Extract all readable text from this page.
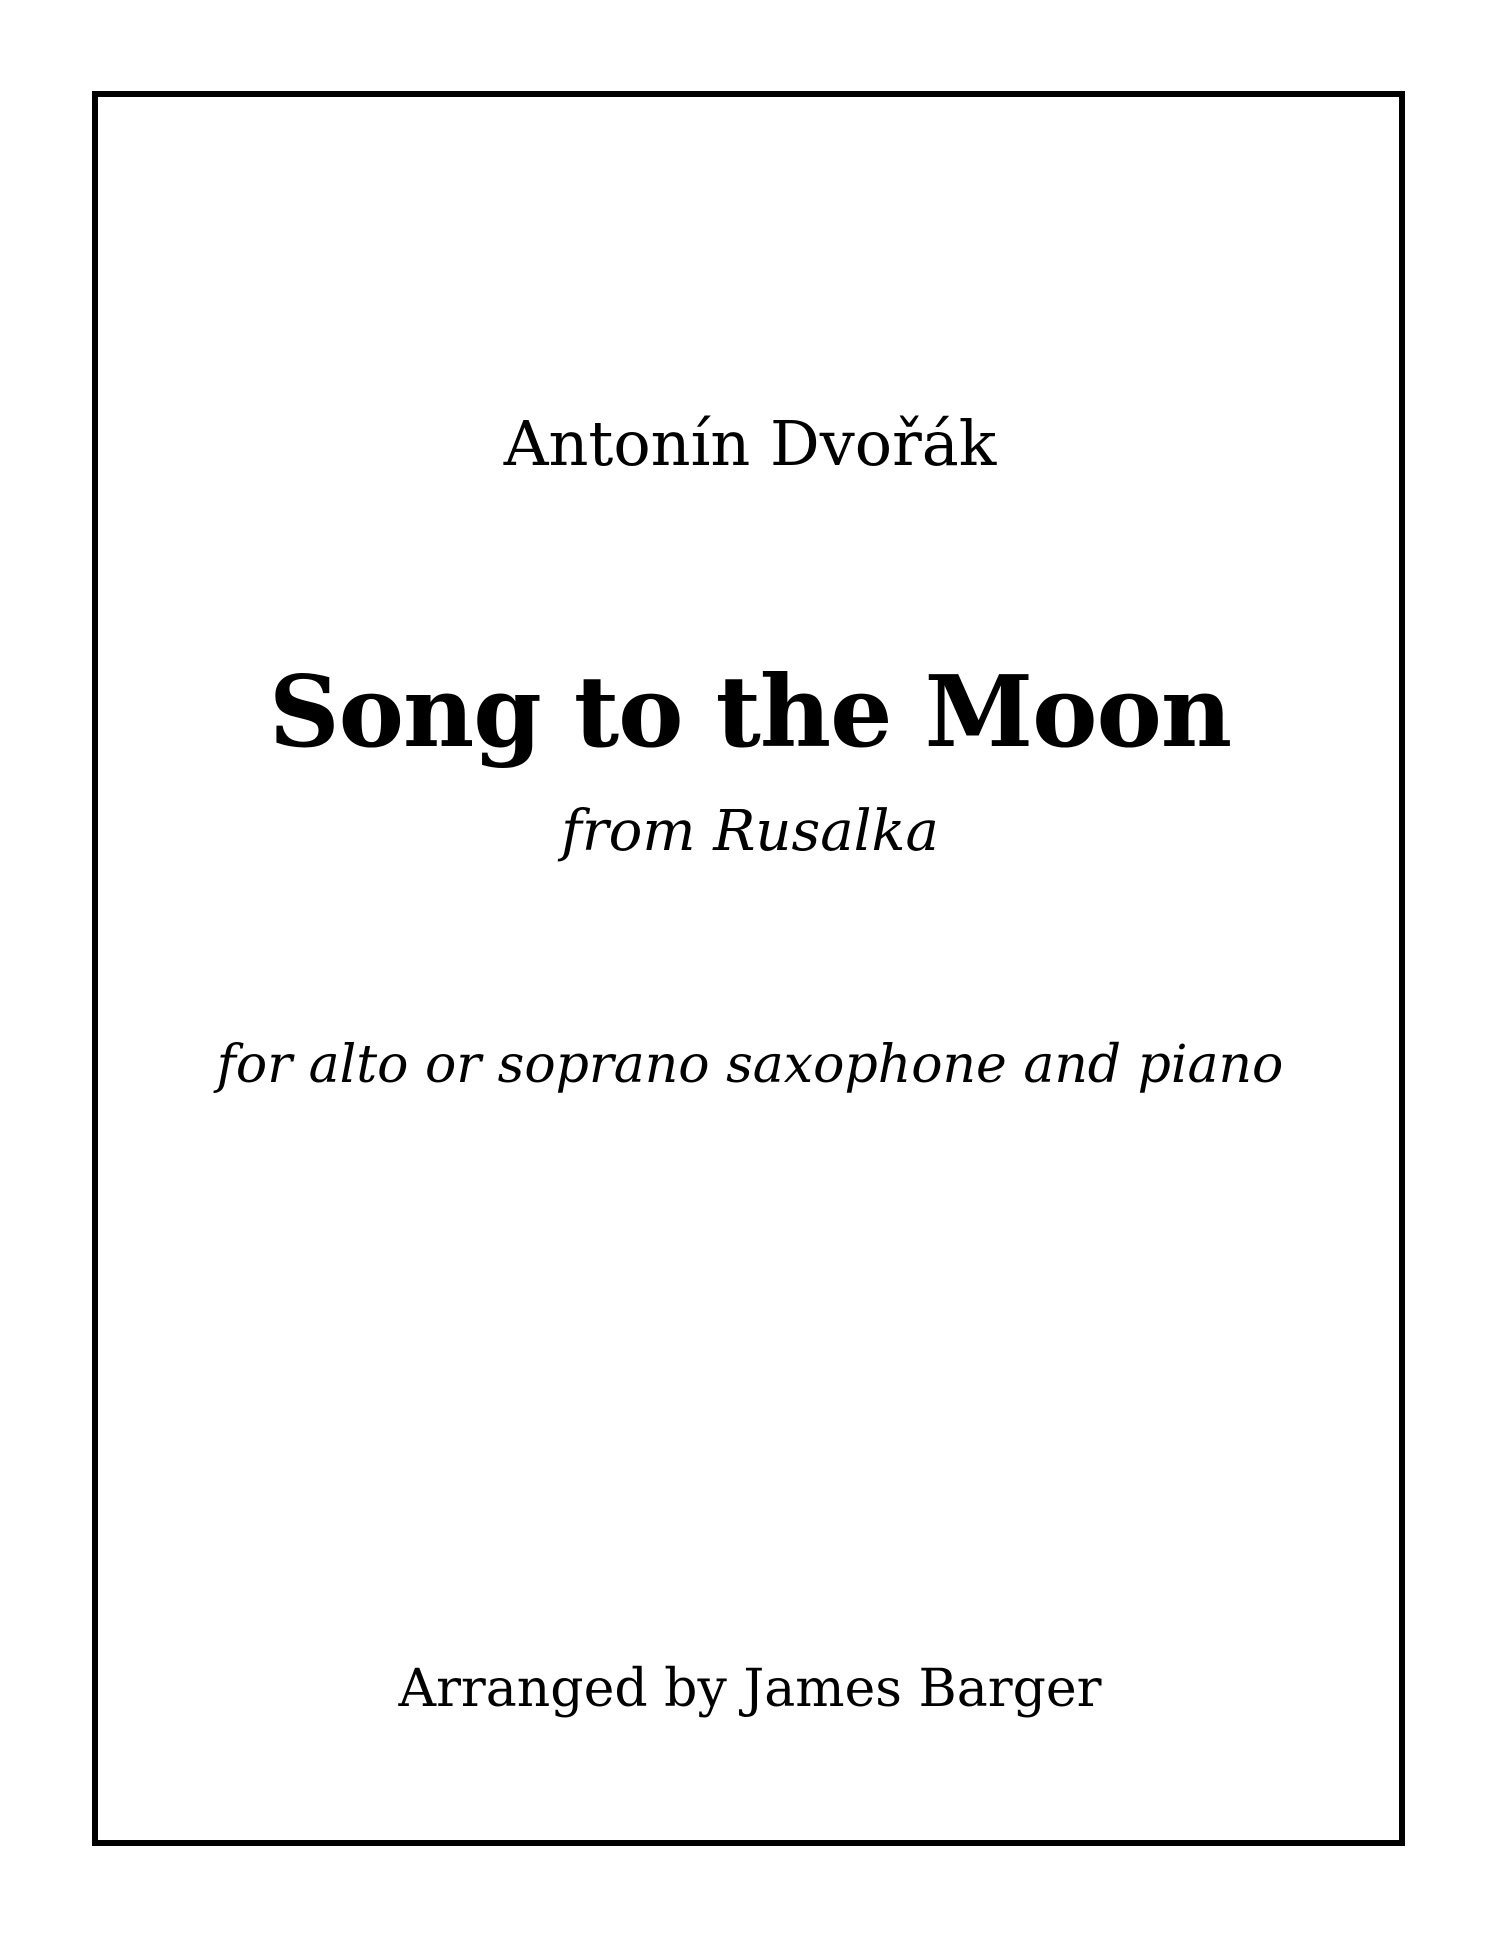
Antonín Dvořák
Song to the Moon
from Rusalka
for alto or soprano saxophone and piano
Arranged by James Barger
